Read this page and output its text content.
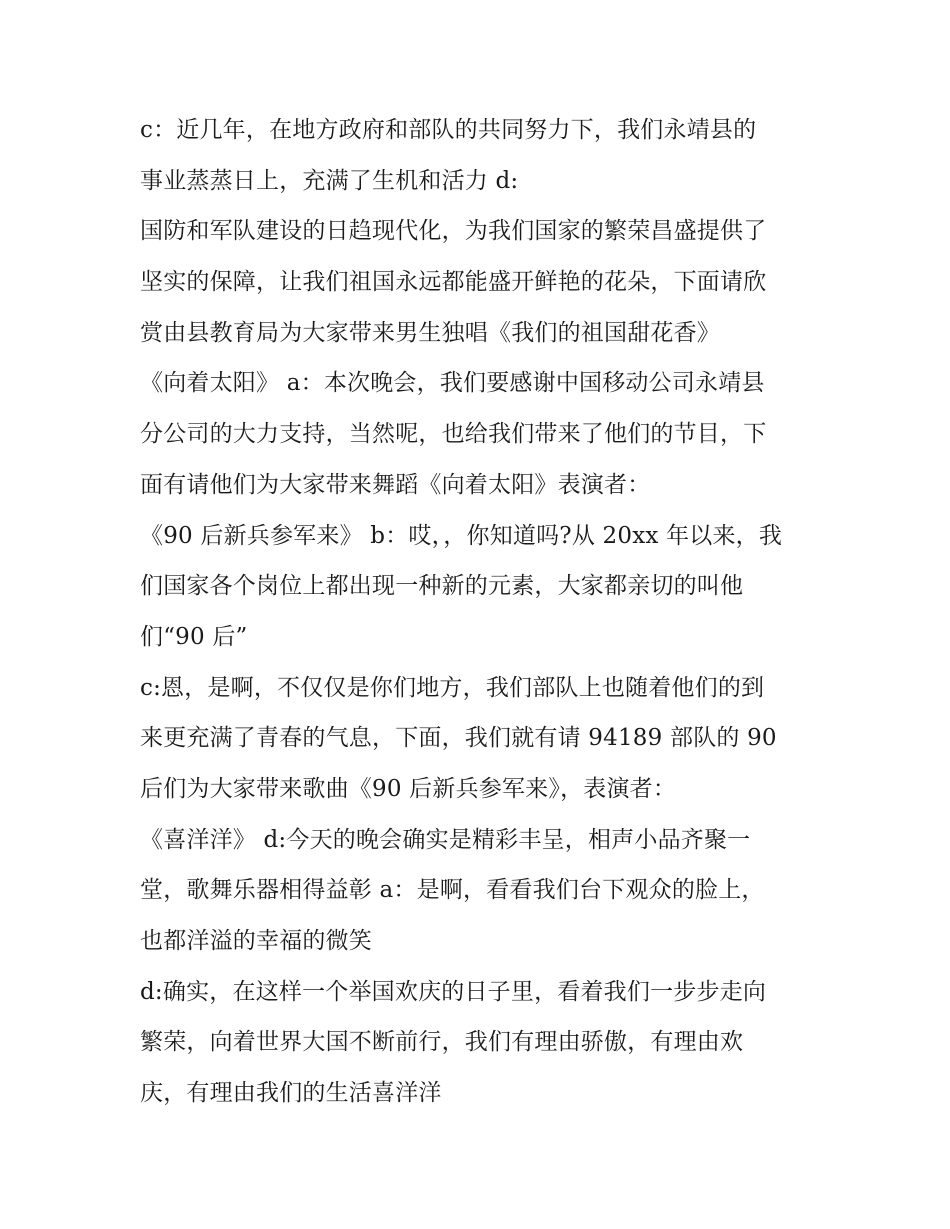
c：近几年，在地方政府和部队的共同努力下，我们永靖县的
事业蒸蒸日上，充满了生机和活力 d:
国防和军队建设的日趋现代化，为我们国家的繁荣昌盛提供了
坚实的保障，让我们祖国永远都能盛开鲜艳的花朵，下面请欣
赏由县教育局为大家带来男生独唱《我们的祖国甜花香》
《向着太阳》 a：本次晚会，我们要感谢中国移动公司永靖县
分公司的大力支持，当然呢，也给我们带来了他们的节目，下
面有请他们为大家带来舞蹈《向着太阳》表演者：
《90 后新兵参军来》 b：哎，，你知道吗?从 20xx 年以来，我
们国家各个岗位上都出现一种新的元素，大家都亲切的叫他
们“90 后”
c:恩，是啊，不仅仅是你们地方，我们部队上也随着他们的到
来更充满了青春的气息，下面，我们就有请 94189 部队的 90
后们为大家带来歌曲《90 后新兵参军来》，表演者：
《喜洋洋》 d:今天的晚会确实是精彩丰呈，相声小品齐聚一
堂，歌舞乐器相得益彰 a：是啊，看看我们台下观众的脸上，
也都洋溢的幸福的微笑
d:确实，在这样一个举国欢庆的日子里，看着我们一步步走向
繁荣，向着世界大国不断前行，我们有理由骄傲，有理由欢
庆，有理由我们的生活喜洋洋
